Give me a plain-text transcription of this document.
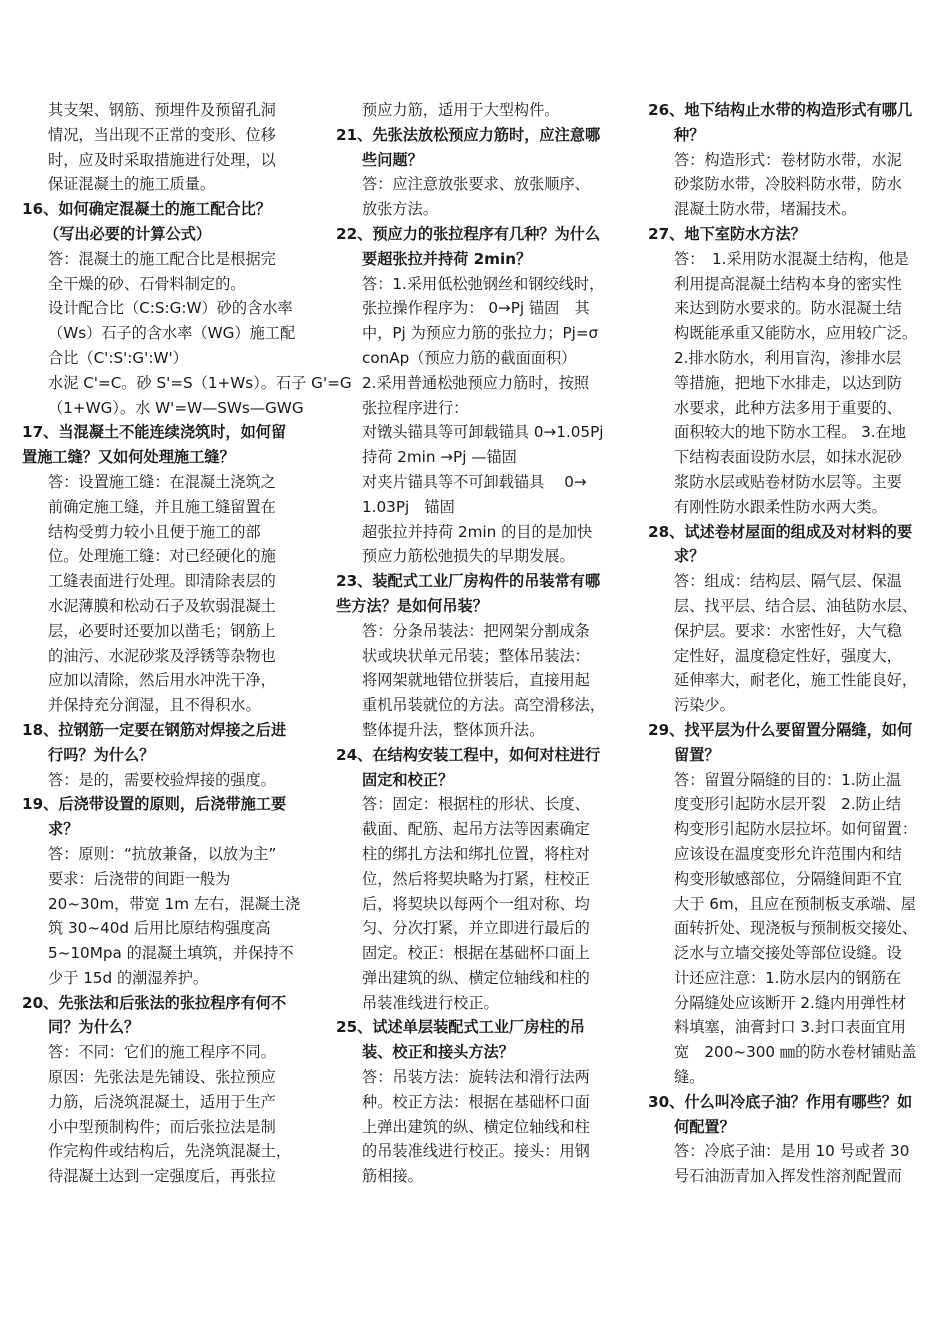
其支架、钢筋、预埋件及预留孔洞
情况，当出现不正常的变形、位移
时，应及时采取措施进行处理，以
保证混凝土的施工质量。
16、如何确定混凝土的施工配合比？
（写出必要的计算公式）
答：混凝土的施工配合比是根据完
全干燥的砂、石骨料制定的。
设计配合比（C:S:G:W）砂的含水率
（Ws）石子的含水率（WG）施工配
合比（C':S':G':W'）
水泥 C'=C。砂 S'=S（1+Ws）。石子 G'=G
（1+WG）。水 W'=W—SWs—GWG
17、当混凝土不能连续浇筑时，如何留
置施工缝？又如何处理施工缝？
答：设置施工缝：在混凝土浇筑之
前确定施工缝，并且施工缝留置在
结构受剪力较小且便于施工的部
位。处理施工缝：对已经硬化的施
工缝表面进行处理。即清除表层的
水泥薄膜和松动石子及软弱混凝土
层，必要时还要加以凿毛；钢筋上
的油污、水泥砂浆及浮锈等杂物也
应加以清除，然后用水冲洗干净，
并保持充分润湿，且不得积水。
18、拉钢筋一定要在钢筋对焊接之后进
行吗？为什么？
答：是的，需要校验焊接的强度。
19、后浇带设置的原则，后浇带施工要
求？
答：原则：“抗放兼备，以放为主”
要求：后浇带的间距一般为
20~30m，带宽 1m 左右，混凝土浇
筑 30~40d 后用比原结构强度高
5~10Mpa 的混凝土填筑，并保持不
少于 15d 的潮湿养护。
20、先张法和后张法的张拉程序有何不
同？为什么？
答：不同：它们的施工程序不同。
原因：先张法是先铺设、张拉预应
力筋，后浇筑混凝土，适用于生产
小中型预制构件；而后张拉法是制
作完构件或结构后，先浇筑混凝土，
待混凝土达到一定强度后，再张拉
预应力筋，适用于大型构件。
21、先张法放松预应力筋时，应注意哪
些问题？
答：应注意放张要求、放张顺序、
放张方法。
22、预应力的张拉程序有几种？为什么
要超张拉并持荷 2min？
答：1.采用低松弛钢丝和钢绞线时，
张拉操作程序为： 0→Pj 锚固　其
中，Pj 为预应力筋的张拉力；Pj=σ
conAp（预应力筋的截面面积）
2.采用普通松弛预应力筋时，按照
张拉程序进行：
对镦头锚具等可卸载锚具 0→1.05Pj
持荷 2min →Pj —锚固
对夹片锚具等不可卸载锚具　 0→
1.03Pj　锚固
超张拉并持荷 2min 的目的是加快
预应力筋松弛损失的早期发展。
23、装配式工业厂房构件的吊装常有哪
些方法？是如何吊装？
答：分条吊装法：把网架分割成条
状或块状单元吊装；整体吊装法：
将网架就地错位拼装后，直接用起
重机吊装就位的方法。高空滑移法，
整体提升法，整体顶升法。
24、在结构安装工程中，如何对柱进行
固定和校正？
答：固定：根据柱的形状、长度、
截面、配筋、起吊方法等因素确定
柱的绑扎方法和绑扎位置，将柱对
位，然后将契块略为打紧，柱校正
后，将契块以每两个一组对称、均
匀、分次打紧，并立即进行最后的
固定。校正：根据在基础杯口面上
弹出建筑的纵、横定位轴线和柱的
吊装准线进行校正。
25、试述单层装配式工业厂房柱的吊
装、校正和接头方法？
答：吊装方法：旋转法和滑行法两
种。校正方法：根据在基础杯口面
上弹出建筑的纵、横定位轴线和柱
的吊装准线进行校正。接头：用钢
筋相接。
26、地下结构止水带的构造形式有哪几
种？
答：构造形式：卷材防水带，水泥
砂浆防水带，冷胶料防水带，防水
混凝土防水带，堵漏技术。
27、地下室防水方法？
答：　1.采用防水混凝土结构，他是
利用提高混凝土结构本身的密实性
来达到防水要求的。防水混凝土结
构既能承重又能防水，应用较广泛。
2.排水防水，利用盲沟，渗排水层
等措施，把地下水排走，以达到防
水要求，此种方法多用于重要的、
面积较大的地下防水工程。 3.在地
下结构表面设防水层，如抹水泥砂
浆防水层或贴卷材防水层等。主要
有刚性防水跟柔性防水两大类。
28、试述卷材屋面的组成及对材料的要
求？
答：组成：结构层、隔气层、保温
层、找平层、结合层、油毡防水层、
保护层。要求：水密性好，大气稳
定性好，温度稳定性好，强度大，
延伸率大，耐老化，施工性能良好，
污染少。
29、找平层为什么要留置分隔缝，如何
留置？
答：留置分隔缝的目的：1.防止温
度变形引起防水层开裂　2.防止结
构变形引起防水层拉坏。如何留置：
应该设在温度变形允许范围内和结
构变形敏感部位，分隔缝间距不宜
大于 6m，且应在预制板支承端、屋
面转折处、现浇板与预制板交接处、
泛水与立墙交接处等部位设缝。设
计还应注意：1.防水层内的钢筋在
分隔缝处应该断开 2.缝内用弹性材
料填塞，油膏封口 3.封口表面宜用
宽　200~300 ㎜的防水卷材铺贴盖
缝。
30、什么叫冷底子油？作用有哪些？如
何配置？
答：冷底子油：是用 10 号或者 30
号石油沥青加入挥发性溶剂配置而
